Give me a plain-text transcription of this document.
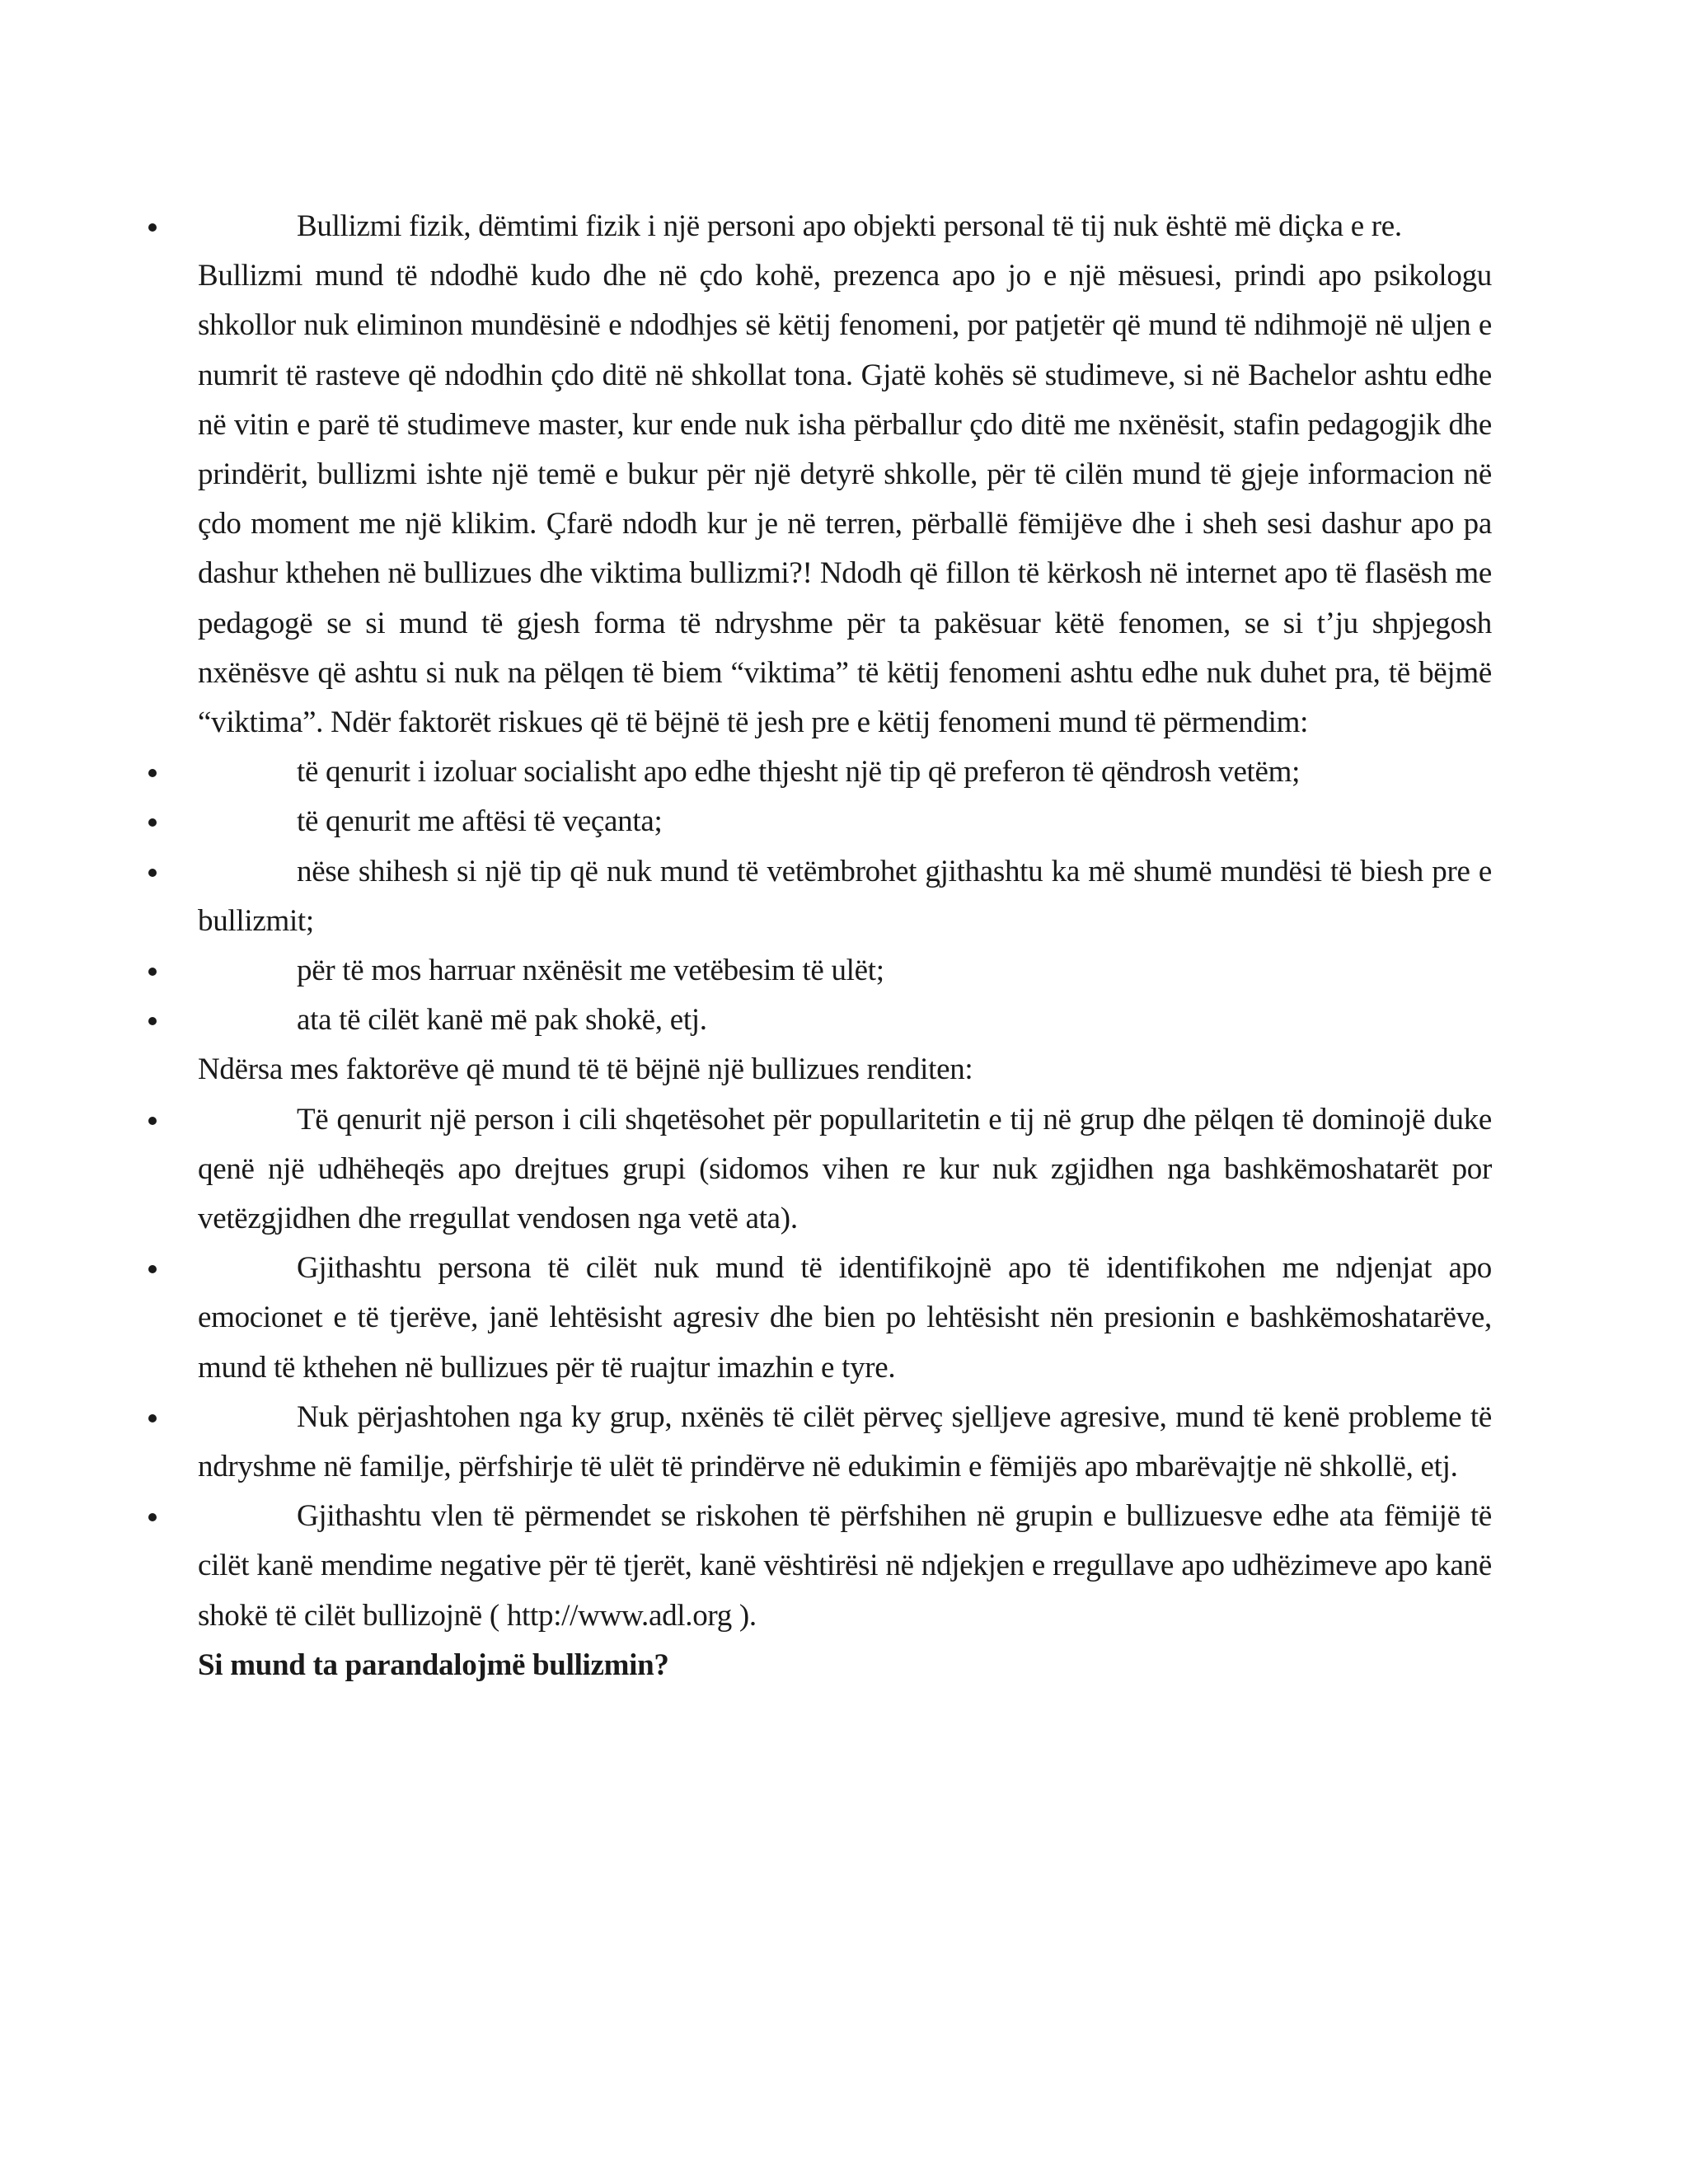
Bullizmi fizik, dëmtimi fizik i një personi apo objekti personal të tij nuk është më diçka e re.

Bullizmi mund të ndodhë kudo dhe në çdo kohë, prezenca apo jo e një mësuesi, prindi apo psikologu shkollor nuk eliminon mundësinë e ndodhjes së këtij fenomeni, por patjetër që mund të ndihmojë në uljen e numrit të rasteve që ndodhin çdo ditë në shkollat tona. Gjatë kohës së studimeve, si në Bachelor ashtu edhe në vitin e parë të studimeve master, kur ende nuk isha përballur çdo ditë me nxënësit, stafin pedagogjik dhe prindërit, bullizmi ishte një temë e bukur për një detyrë shkolle, për të cilën mund të gjeje informacion në çdo moment me një klikim. Çfarë ndodh kur je në terren, përballë fëmijëve dhe i sheh sesi dashur apo pa dashur kthehen në bullizues dhe viktima bullizmi?! Ndodh që fillon të kërkosh në internet apo të flasësh me pedagogë se si mund të gjesh forma të ndryshme për ta pakësuar këtë fenomen, se si t’ju shpjegosh nxënësve që ashtu si nuk na pëlqen të biem “viktima” të këtij fenomeni ashtu edhe nuk duhet pra, të bëjmë “viktima”. Ndër faktorët riskues që të bëjnë të jesh pre e këtij fenomeni mund të përmendim:

të qenurit i izoluar socialisht apo edhe thjesht një tip që preferon të qëndrosh vetëm;

të qenurit me aftësi të veçanta;

nëse shihesh si një tip që nuk mund të vetëmbrohet gjithashtu ka më shumë mundësi të biesh pre e bullizmit;

për të mos harruar nxënësit me vetëbesim të ulët;

ata të cilët kanë më pak shokë, etj.

Ndërsa mes faktorëve që mund të të bëjnë një bullizues renditen:

Të qenurit një person i cili shqetësohet për popullaritetin e tij në grup dhe pëlqen të dominojë duke qenë një udhëheqës apo drejtues grupi (sidomos vihen re kur nuk zgjidhen nga bashkëmoshatarët por vetëzgjidhen dhe rregullat vendosen nga vetë ata).

Gjithashtu persona të cilët nuk mund të identifikojnë apo të identifikohen me ndjenjat apo emocionet e të tjerëve, janë lehtësisht agresiv dhe bien po lehtësisht nën presionin e bashkëmoshatarëve, mund të kthehen në bullizues për të ruajtur imazhin e tyre.

Nuk përjashtohen nga ky grup, nxënës të cilët përveç sjelljeve agresive, mund të kenë probleme të ndryshme në familje, përfshirje të ulët të prindërve në edukimin e fëmijës apo mbarëvajtje në shkollë, etj.

Gjithashtu vlen të përmendet se riskohen të përfshihen në grupin e bullizuesve edhe ata fëmijë të cilët kanë mendime negative për të tjerët, kanë vështirësi në ndjekjen e rregullave apo udhëzimeve apo kanë shokë të cilët bullizojnë ( http://www.adl.org ).

Si mund ta parandalojmë bullizmin?
